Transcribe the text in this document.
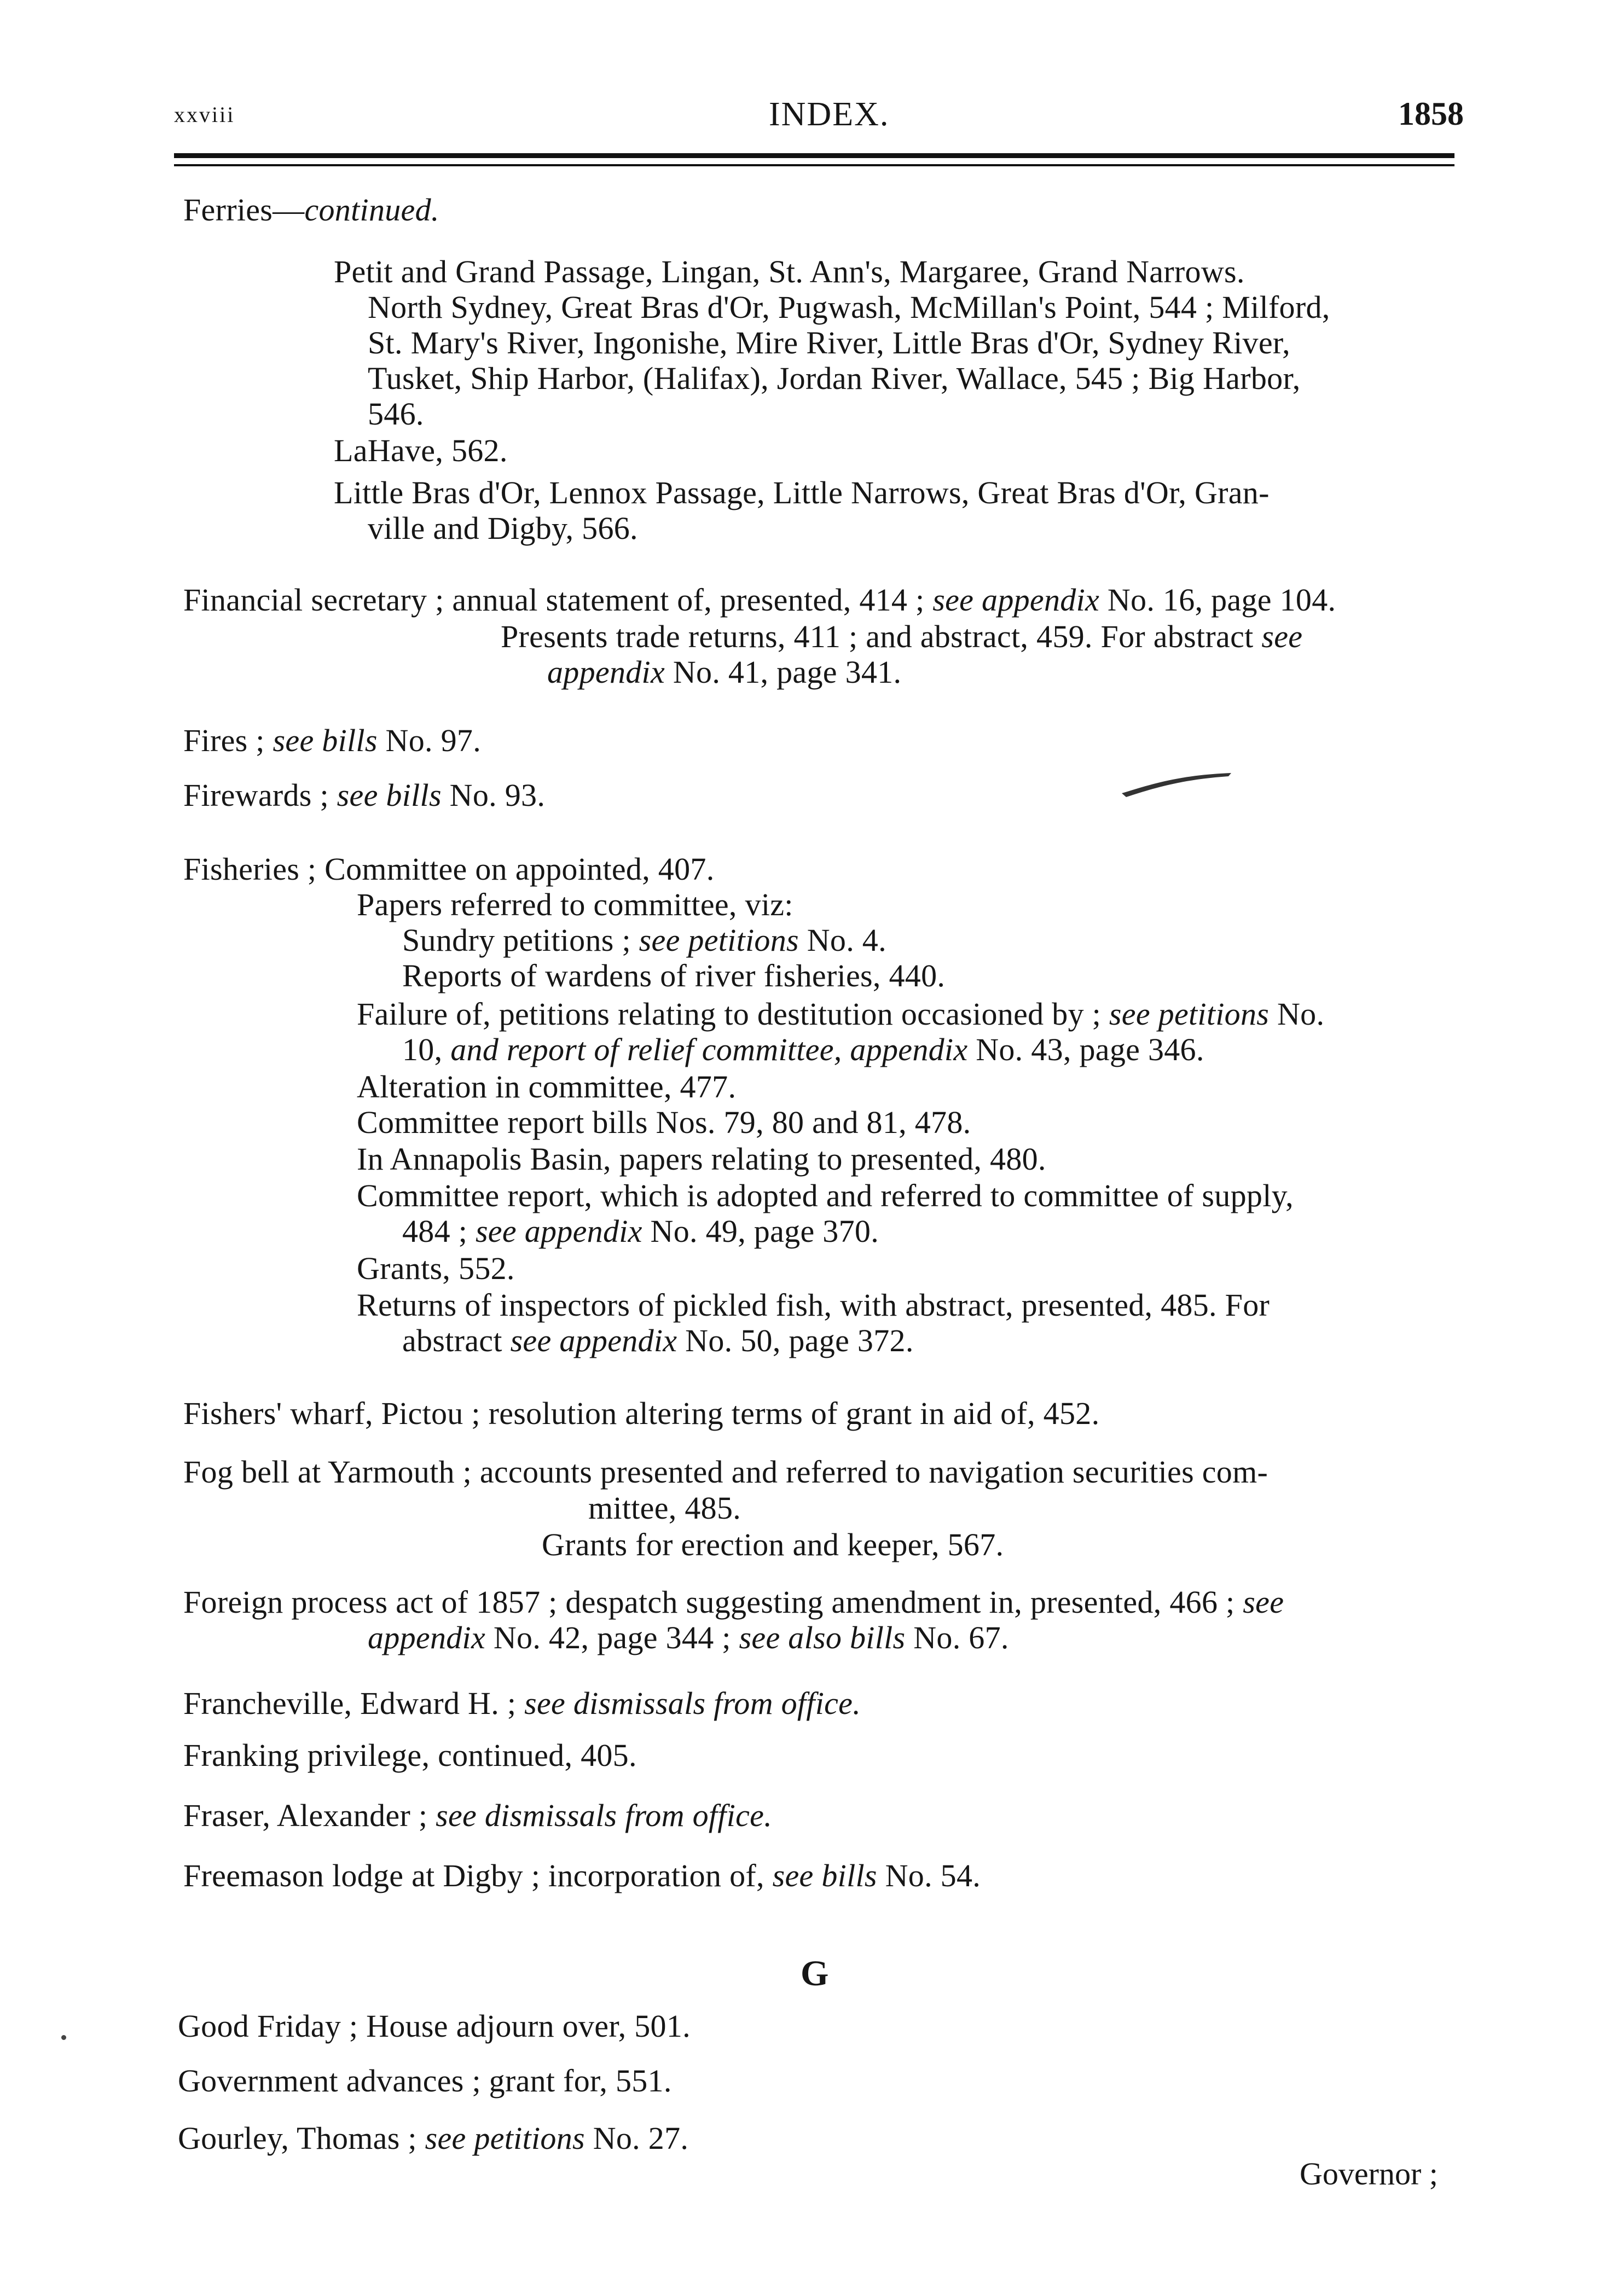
xxviii	INDEX.	1858
Ferries—continued.
Petit and Grand Passage, Lingan, St. Ann's, Margaree, Grand Narrows.
North Sydney, Great Bras d'Or, Pugwash, McMillan's Point, 544 ; Milford,
St. Mary's River, Ingonishe, Mire River, Little Bras d'Or, Sydney River,
Tusket, Ship Harbor, (Halifax), Jordan River, Wallace, 545 ; Big Harbor,
546.
LaHave, 562.
Little Bras d'Or, Lennox Passage, Little Narrows, Great Bras d'Or, Gran-
ville and Digby, 566.
Financial secretary ; annual statement of, presented, 414 ; see appendix No. 16, page 104.
Presents trade returns, 411 ; and abstract, 459. For abstract see
appendix No. 41, page 341.
Fires ; see bills No. 97.
Firewards ; see bills No. 93.
Fisheries ; Committee on appointed, 407.
Papers referred to committee, viz:
Sundry petitions ; see petitions No. 4.
Reports of wardens of river fisheries, 440.
Failure of, petitions relating to destitution occasioned by ; see petitions No.
10, and report of relief committee, appendix No. 43, page 346.
Alteration in committee, 477.
Committee report bills Nos. 79, 80 and 81, 478.
In Annapolis Basin, papers relating to presented, 480.
Committee report, which is adopted and referred to committee of supply,
484 ; see appendix No. 49, page 370.
Grants, 552.
Returns of inspectors of pickled fish, with abstract, presented, 485. For
abstract see appendix No. 50, page 372.
Fishers' wharf, Pictou ; resolution altering terms of grant in aid of, 452.
Fog bell at Yarmouth ; accounts presented and referred to navigation securities com-
mittee, 485.
Grants for erection and keeper, 567.
Foreign process act of 1857 ; despatch suggesting amendment in, presented, 466 ; see
appendix No. 42, page 344 ; see also bills No. 67.
Francheville, Edward H. ; see dismissals from office.
Franking privilege, continued, 405.
Fraser, Alexander ; see dismissals from office.
Freemason lodge at Digby ; incorporation of, see bills No. 54.
G
Good Friday ; House adjourn over, 501.
Government advances ; grant for, 551.
Gourley, Thomas ; see petitions No. 27.
Governor ;
